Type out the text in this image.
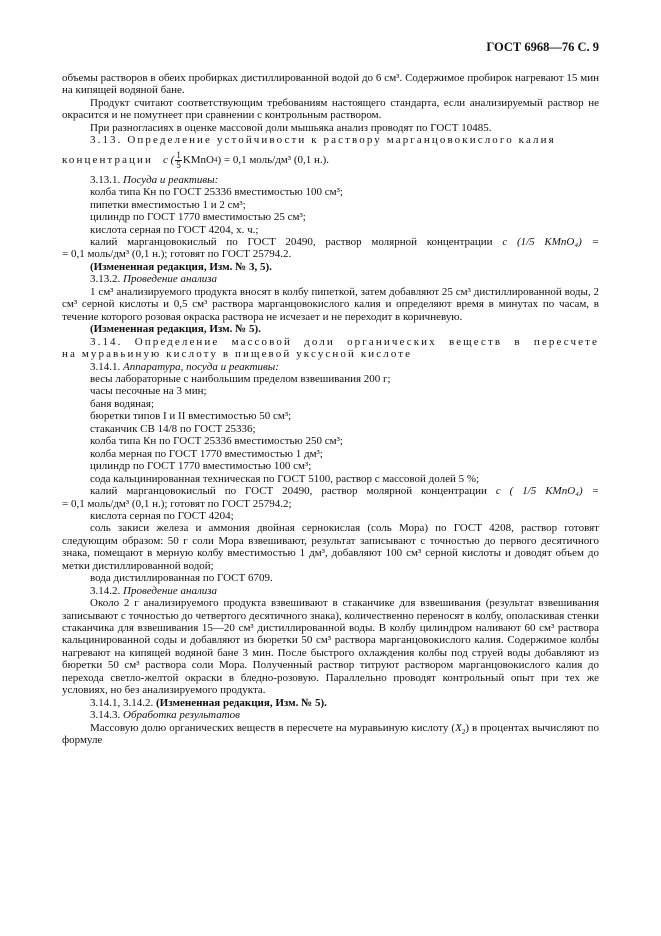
ГОСТ 6968—76 С. 9

объемы растворов в обеих пробирках дистиллированной водой до 6 см³. Содержимое пробирок нагревают 15 мин на кипящей водяной бане.

Продукт считают соответствующим требованиям настоящего стандарта, если анализируемый раствор не окрасится и не помутнеет при сравнении с контрольным раствором.

При разногласиях в оценке массовой доли мышьяка анализ проводят по ГОСТ 10485.

3.13. Определение устойчивости к раствору марганцовокислого калия

концентрации с ( $\frac{1}{5}$ KMnO 4 ) = 0,1 моль/дм³ (0,1 н.).

3.13.1. Посуда и реактивы:

колба типа Кн по ГОСТ 25336 вместимостью 100 см³;

пипетки вместимостью 1 и 2 см³;

цилиндр по ГОСТ 1770 вместимостью 25 см³;

кислота серная по ГОСТ 4204, х. ч.;

калий марганцовокислый по ГОСТ 20490, раствор молярной концентрации с (1/5 KMnO₄) =

= 0,1 моль/дм³ (0,1 н.); готовят по ГОСТ 25794.2.

(Измененная редакция, Изм. № 3, 5).

3.13.2. Проведение анализа

1 см³ анализируемого продукта вносят в колбу пипеткой, затем добавляют 25 см³ дистиллированной воды, 2 см³ серной кислоты и 0,5 см³ раствора марганцовокислого калия и определяют время в минутах по часам, в течение которого розовая окраска раствора не исчезает и не переходит в коричневую.

(Измененная редакция, Изм. № 5).

3.14. Определение массовой доли органических веществ в пересчете

на муравьиную кислоту в пищевой уксусной кислоте

3.14.1. Аппаратура, посуда и реактивы:

весы лабораторные с наибольшим пределом взвешивания 200 г;

часы песочные на 3 мин;

баня водяная;

бюретки типов I и II вместимостью 50 см³;

стаканчик СВ 14/8 по ГОСТ 25336;

колба типа Кн по ГОСТ 25336 вместимостью 250 см³;

колба мерная по ГОСТ 1770 вместимостью 1 дм³;

цилиндр по ГОСТ 1770 вместимостью 100 см³;

сода кальцинированная техническая по ГОСТ 5100, раствор с массовой долей 5 %;

калий марганцовокислый по ГОСТ 20490, раствор молярной концентрации с ( 1/5 KMnO₄) =

= 0,1 моль/дм³ (0,1 н.); готовят по ГОСТ 25794.2;

кислота серная по ГОСТ 4204;

соль закиси железа и аммония двойная сернокислая (соль Мора) по ГОСТ 4208, раствор готовят следующим образом: 50 г соли Мора взвешивают, результат записывают с точностью до первого десятичного знака, помещают в мерную колбу вместимостью 1 дм³, добавляют 100 см³ серной кислоты и доводят объем до метки дистиллированной водой;

вода дистиллированная по ГОСТ 6709.

3.14.2. Проведение анализа

Около 2 г анализируемого продукта взвешивают в стаканчике для взвешивания (результат взвешивания записывают с точностью до четвертого десятичного знака), количественно переносят в колбу, ополаскивая стенки стаканчика для взвешивания 15—20 см³ дистиллированной воды. В колбу цилиндром наливают 60 см³ раствора кальцинированной соды и добавляют из бюретки 50 см³ раствора марганцовокислого калия. Содержимое колбы нагревают на кипящей водяной бане 3 мин. После быстрого охлаждения колбы под струей воды добавляют из бюретки 50 см³ раствора соли Мора. Полученный раствор титруют раствором марганцовокислого калия до перехода светло-желтой окраски в бледно-розовую. Параллельно проводят контрольный опыт при тех же условиях, но без анализируемого продукта.

3.14.1, 3.14.2. (Измененная редакция, Изм. № 5).

3.14.3. Обработка результатов

Массовую долю органических веществ в пересчете на муравьиную кислоту $(X_2)$ в процентах вычисляют по формуле
